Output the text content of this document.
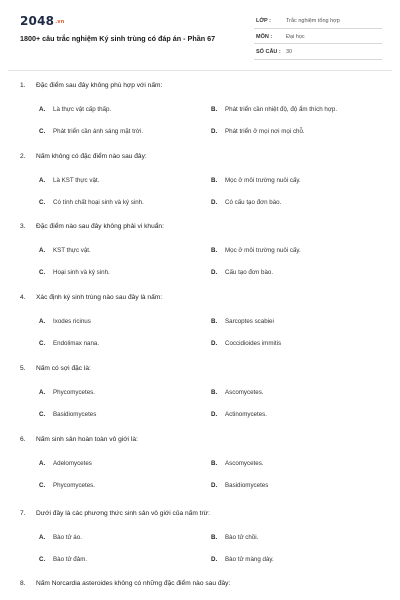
2048.vn
1800+ câu trắc nghiệm Ký sinh trùng có đáp án - Phần 67
LỚP :	Trắc nghiệm tổng hợp
MÔN :	Đại học
SỐ CÂU : 30
1. Đặc điểm sau đây không phù hợp với nấm:
A. Là thực vật cấp thấp.	B. Phát triển cần nhiệt độ, độ ẩm thích hợp.
C. Phát triển cần ánh sáng mặt trời.	D. Phát triển ở mọi nơi mọi chỗ.
2. Nấm không có đặc điểm nào sau đây:
A. Là KST thực vật.	B. Mọc ở môi trường nuôi cấy.
C. Có tính chất hoại sinh và ký sinh.	D. Có cấu tạo đơn bào.
3. Đặc điểm nào sau đây không phải vi khuẩn:
A. KST thực vật.	B. Mọc ở môi trường nuôi cấy.
C. Hoại sinh và ký sinh.	D. Cấu tạo đơn bào.
4. Xác định ký sinh trùng nào sau đây là nấm:
A. Ixodes ricinus	B. Sarcoptes scabiei
C. Endolimax nana.	D. Coccidioides immitis
5. Nấm có sợi đặc là:
A. Phycomycetes.	B. Ascomycetes.
C. Basidiomycetes	D. Actinomycetes.
6. Nấm sinh sản hoàn toàn vô giới là:
A. Adelomycetes	B. Ascomycetes.
C. Phycomycetes.	D. Basidiomycetes
7. Dưới đây là các phương thức sinh sản vô giới của nấm trừ:
A. Bào tử áo.	B. Bào tử chồi.
C. Bào tử đảm.	D. Bào tử màng dày.
8. Nấm Norcardia asteroides không có những đặc điểm nào sau đây:
